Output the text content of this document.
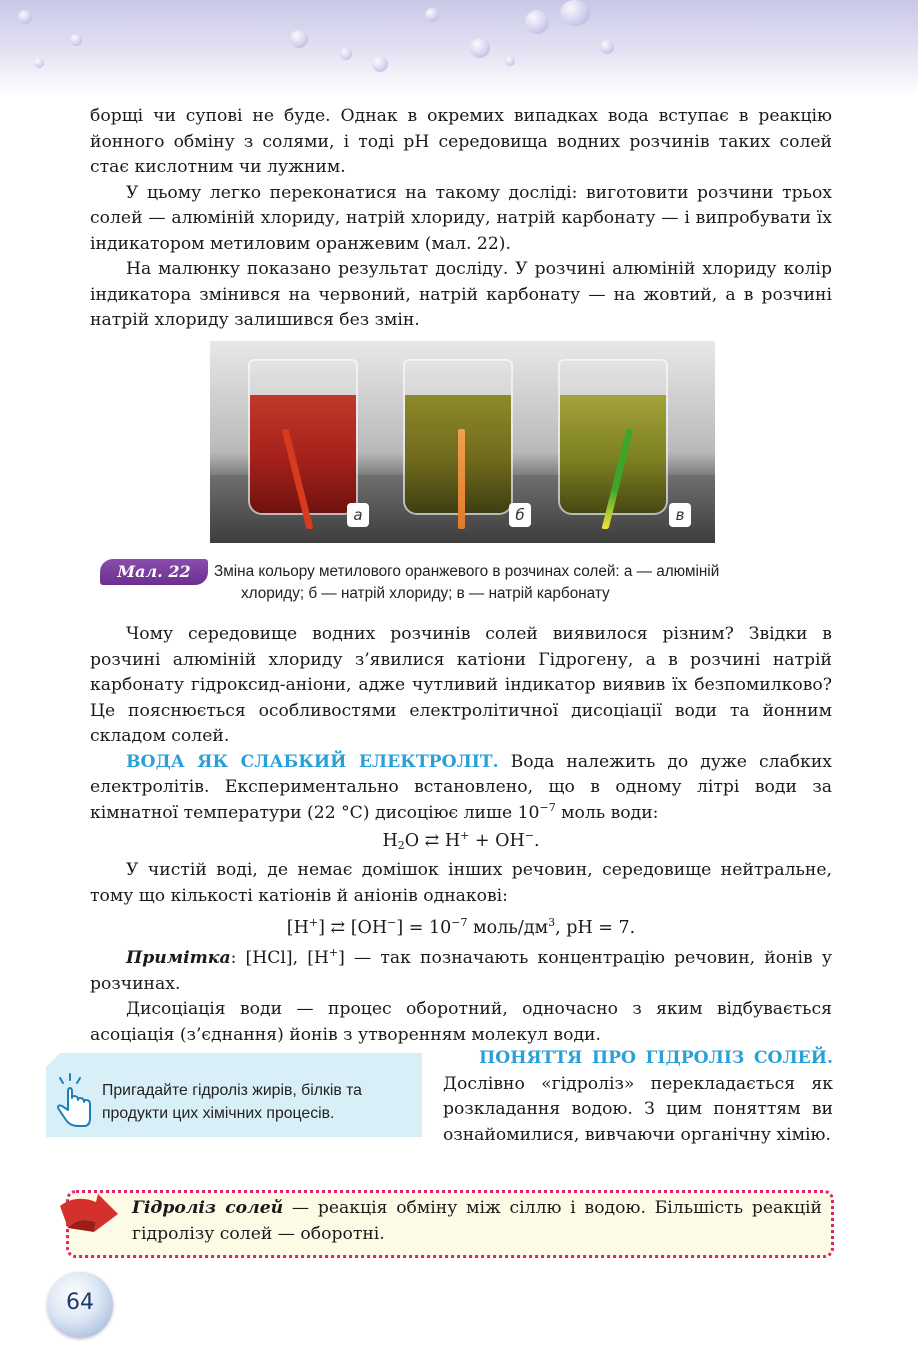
борщі чи супові не буде. Однак в окремих випадках вода вступає в реакцію йонного обміну з солями, і тоді pH середовища водних розчинів таких солей стає кислотним чи лужним.

У цьому легко переконатися на такому досліді: виготовити розчини трьох солей — алюміній хлориду, натрій хлориду, натрій карбонату — і випробувати їх індикатором метиловим оранжевим (мал. 22).

На малюнку показано результат досліду. У розчині алюміній хлориду колір індикатора змінився на червоний, натрій карбонату — на жовтий, а в розчині натрій хлориду залишився без змін.

а	б	в
Мал. 22	Зміна кольору метилового оранжевого в розчинах солей: а — алюміній
хлориду; б — натрій хлориду; в — натрій карбонату

Чому середовище водних розчинів солей виявилося різним? Звідки в розчині алюміній хлориду з’явилися катіони Гідрогену, а в розчині натрій карбонату гідроксид-аніони, адже чутливий індикатор виявив їх безпомилково? Це пояснюється особливостями електролітичної дисоціації води та йонним складом солей.

ВОДА ЯК СЛАБКИЙ ЕЛЕКТРОЛІТ. Вода належить до дуже слабких електролітів. Експериментально встановлено, що в одному літрі води за кімнатної температури (22 °C) дисоціює лише $10^{-7}$ моль води:

$H_2O$ ⇄ H+ + OH−.

У чистій воді, де немає домішок інших речовин, середовище нейтральне, тому що кількості катіонів й аніонів однакові:

[H+] ⇄ $[OH^-] = 10^{-7}$ моль/$дм^3$, pH = 7.

Примітка: [HCl], [H+] — так позначають концентрацію речовин, йонів у розчинах.

Дисоціація води — процес оборотний, одночасно з яким відбувається асоціація (з’єднання) йонів з утворенням молекул води.

Пригадайте гідроліз жирів, білків та продукти цих хімічних процесів.

ПОНЯТТЯ ПРО ГІДРОЛІЗ СОЛЕЙ. Дослівно «гідроліз» перекладається як розкладання водою. З цим поняттям ви ознайомилися, вивчаючи органічну хімію.

Гідроліз солей — реакція обміну між сіллю і водою. Більшість реакцій гідролізу солей — оборотні.
64
